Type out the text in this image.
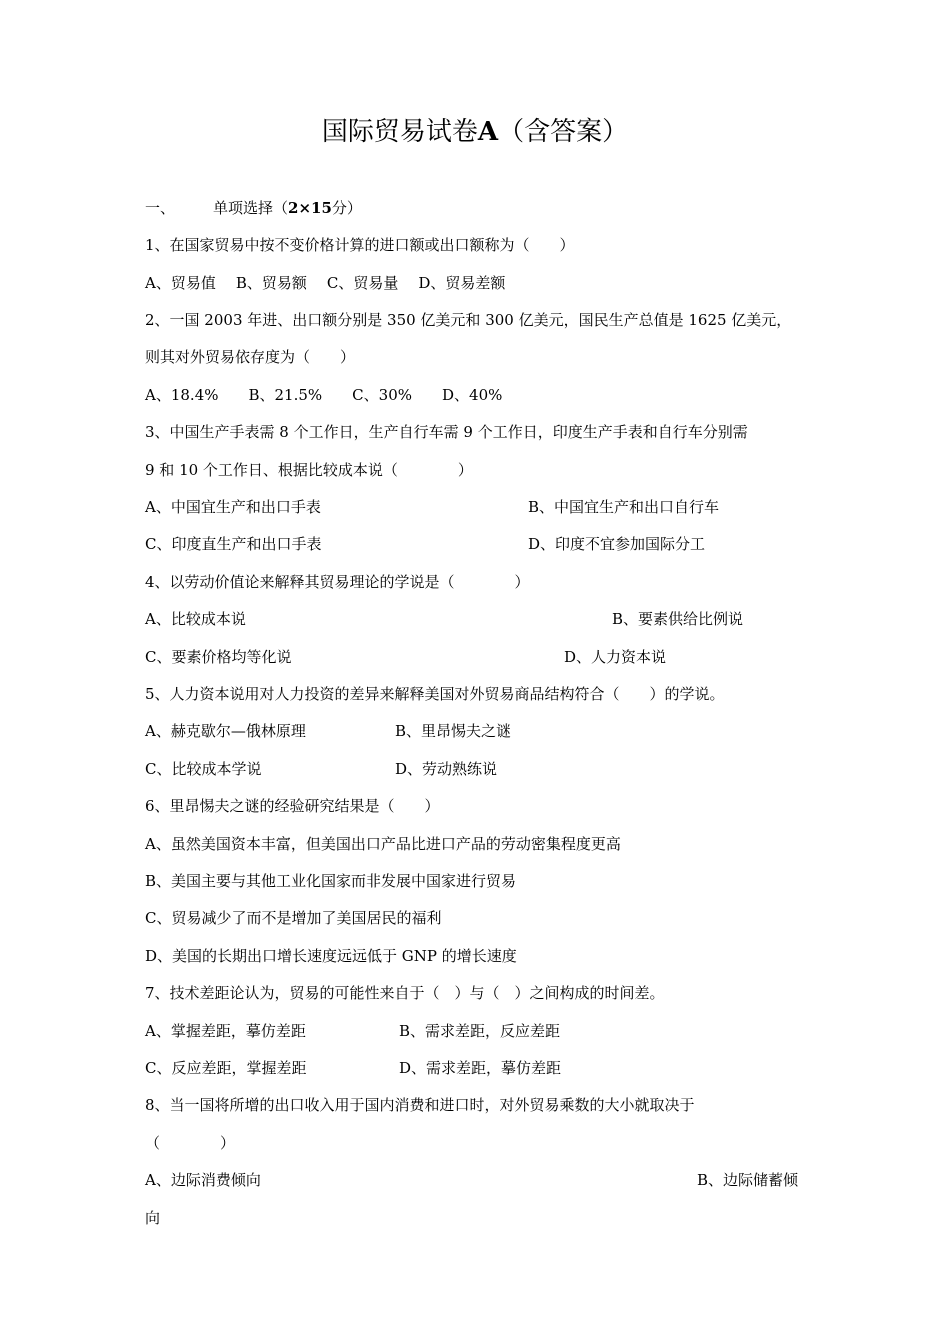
国际贸易试卷A（含答案）
一、	单项选择（2×15分）
1、在国家贸易中按不变价格计算的进口额或出口额称为（　　）
A、贸易值 B、贸易额 C、贸易量 D、贸易差额
2、一国 2003 年进、出口额分别是 350 亿美元和 300 亿美元，国民生产总值是 1625 亿美元，
则其对外贸易依存度为（　　）
A、18.4% B、21.5% C、30% D、40%
3、中国生产手表需 8 个工作日，生产自行车需 9 个工作日，印度生产手表和自行车分别需
9 和 10 个工作日、根据比较成本说（　　　　）
A、中国宜生产和出口手表	B、中国宜生产和出口自行车
C、印度直生产和出口手表	D、印度不宜参加国际分工
4、以劳动价值论来解释其贸易理论的学说是（　　　　）
A、比较成本说	B、要素供给比例说
C、要素价格均等化说	D、人力资本说
5、人力资本说用对人力投资的差异来解释美国对外贸易商品结构符合（　　）的学说。
A、赫克歇尔—俄林原理	B、里昂惕夫之谜
C、比较成本学说	D、劳动熟练说
6、里昂惕夫之谜的经验研究结果是（　　）
A、虽然美国资本丰富，但美国出口产品比进口产品的劳动密集程度更高
B、美国主要与其他工业化国家而非发展中国家进行贸易
C、贸易减少了而不是增加了美国居民的福利
D、美国的长期出口增长速度远远低于 GNP 的增长速度
7、技术差距论认为，贸易的可能性来自于（　）与（　）之间构成的时间差。
A、掌握差距，摹仿差距	B、需求差距，反应差距
C、反应差距，掌握差距	D、需求差距，摹仿差距
8、当一国将所增的出口收入用于国内消费和进口时，对外贸易乘数的大小就取决于
（　　　　）
A、边际消费倾向	B、边际储蓄倾
向
